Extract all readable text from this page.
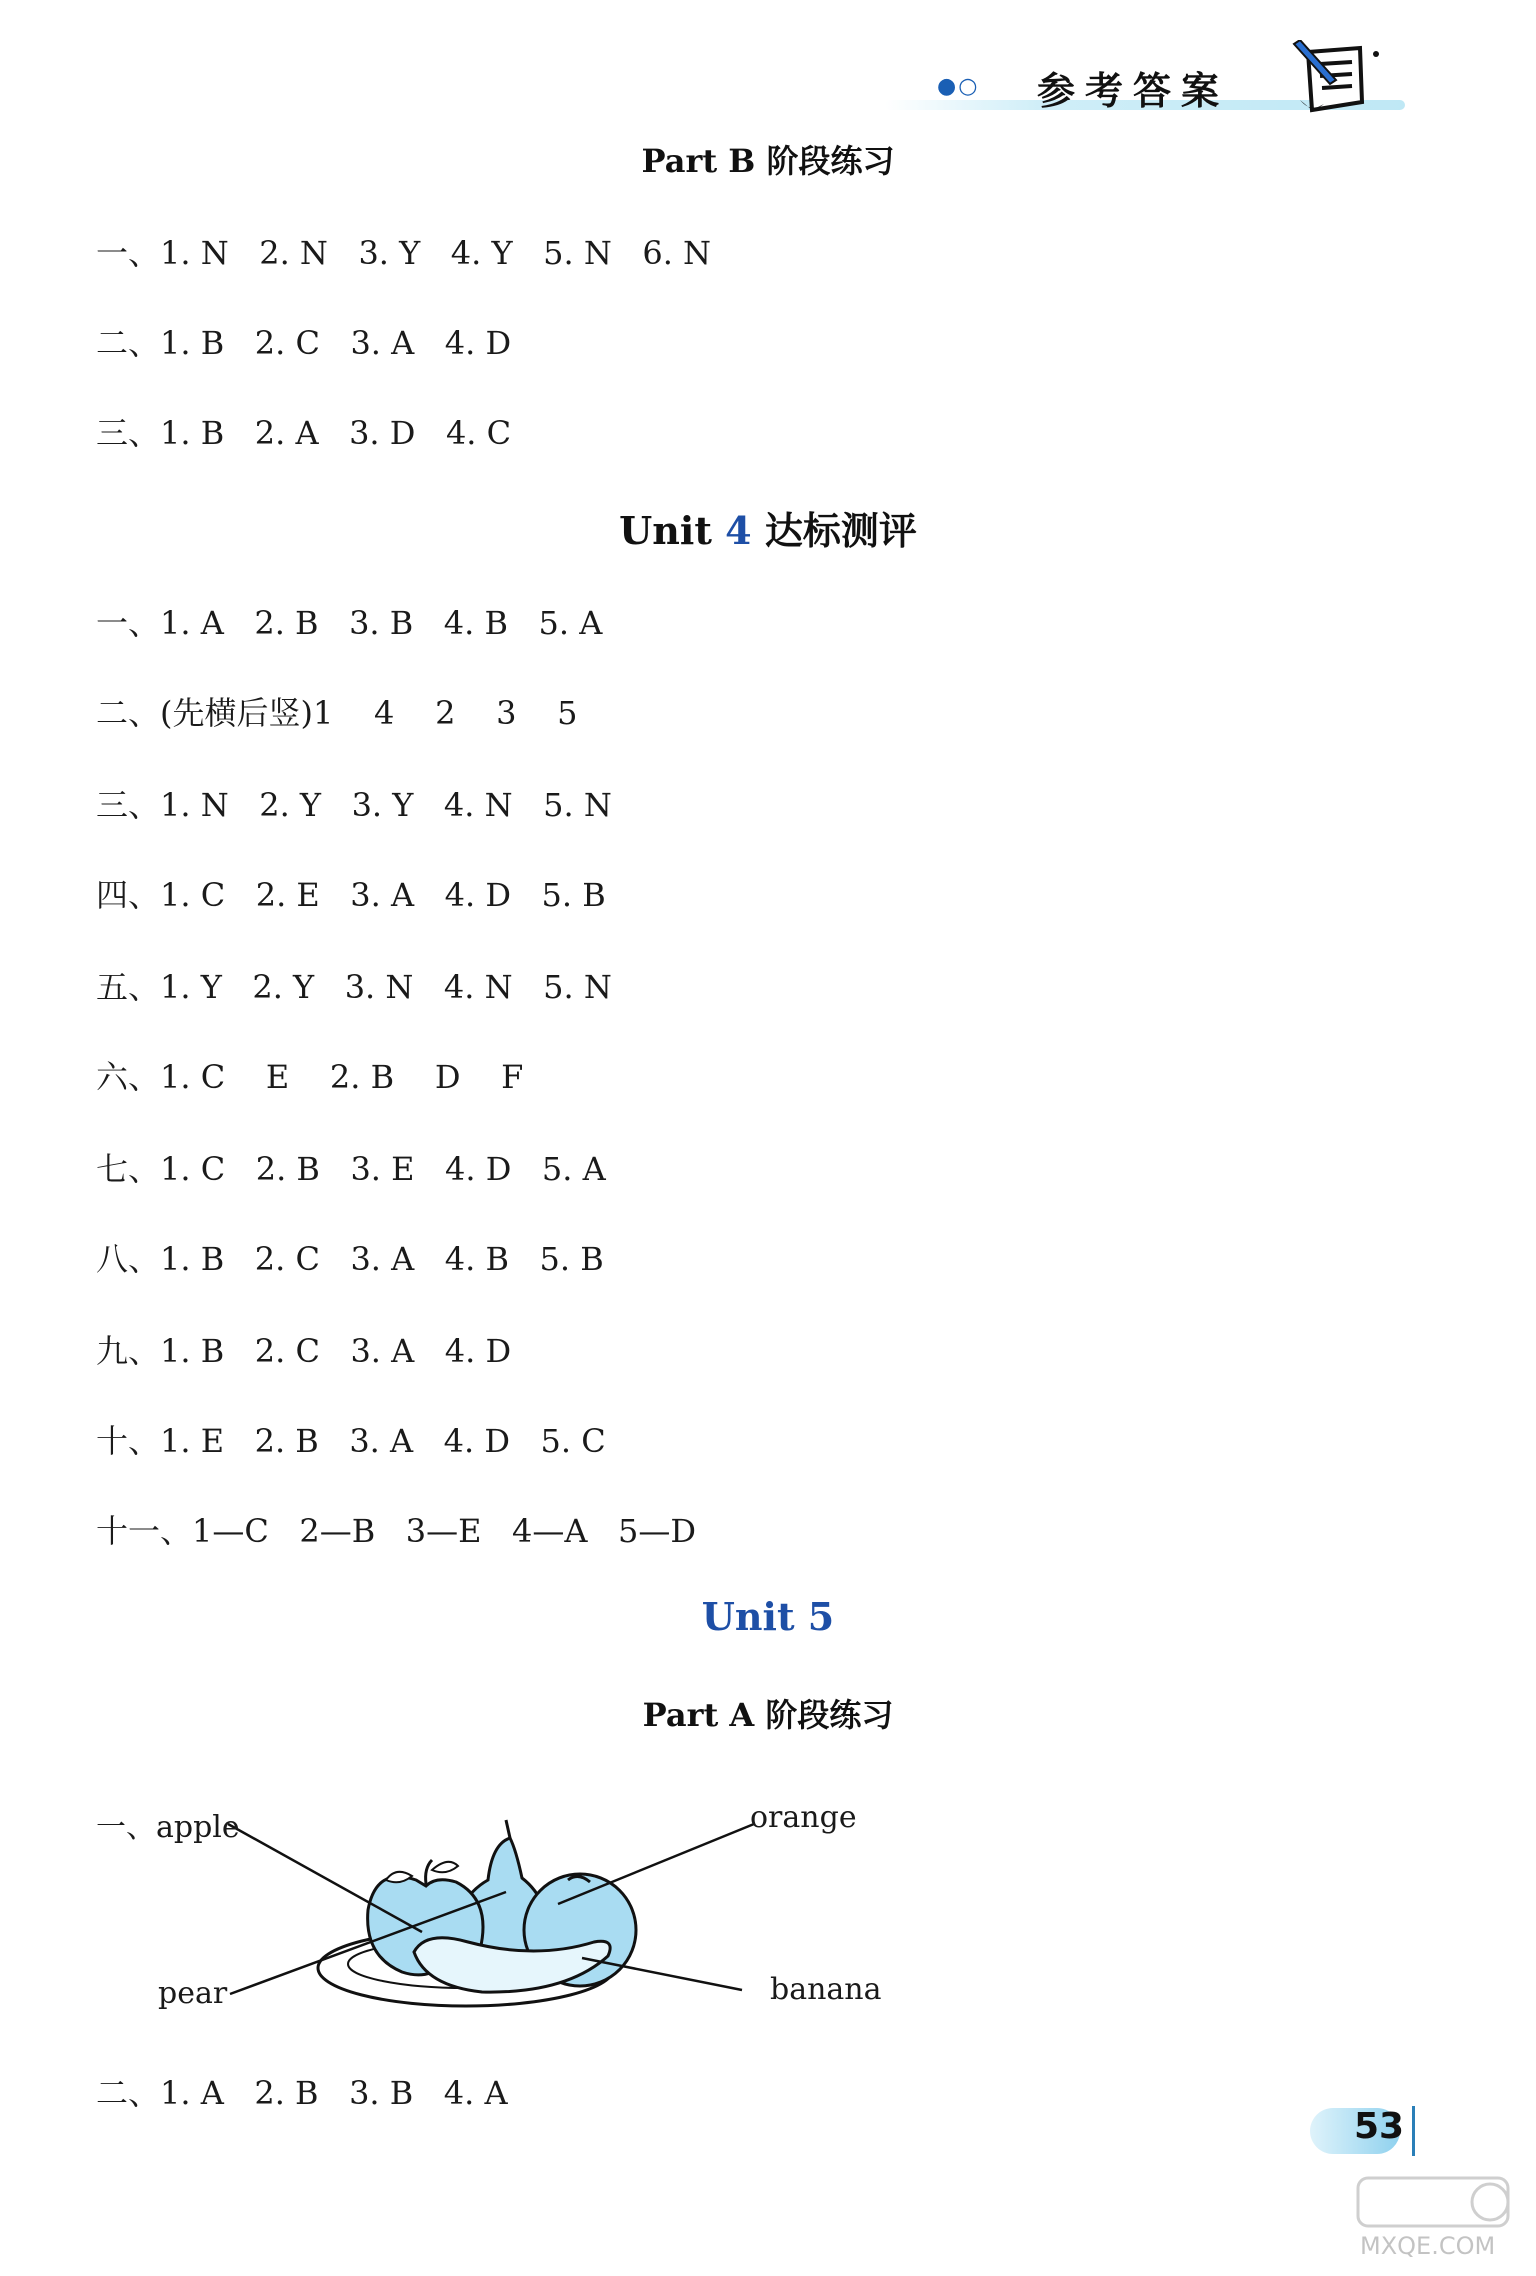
●○ 参考答案
Part B 阶段练习
一、1. N   2. N   3. Y   4. Y   5. N   6. N
二、1. B   2. C   3. A   4. D
三、1. B   2. A   3. D   4. C
Unit 4 达标测评
一、1. A   2. B   3. B   4. B   5. A
二、(先横后竖)1    4    2    3    5
三、1. N   2. Y   3. Y   4. N   5. N
四、1. C   2. E   3. A   4. D   5. B
五、1. Y   2. Y   3. N   4. N   5. N
六、1. C    E    2. B    D    F
七、1. C   2. B   3. E   4. D   5. A
八、1. B   2. C   3. A   4. B   5. B
九、1. B   2. C   3. A   4. D
十、1. E   2. B   3. A   4. D   5. C
十一、1—C   2—B   3—E   4—A   5—D
Unit 5
Part A 阶段练习
一、apple	orange
pear	banana
二、1. A   2. B   3. B   4. A
53
MXQE.COM
